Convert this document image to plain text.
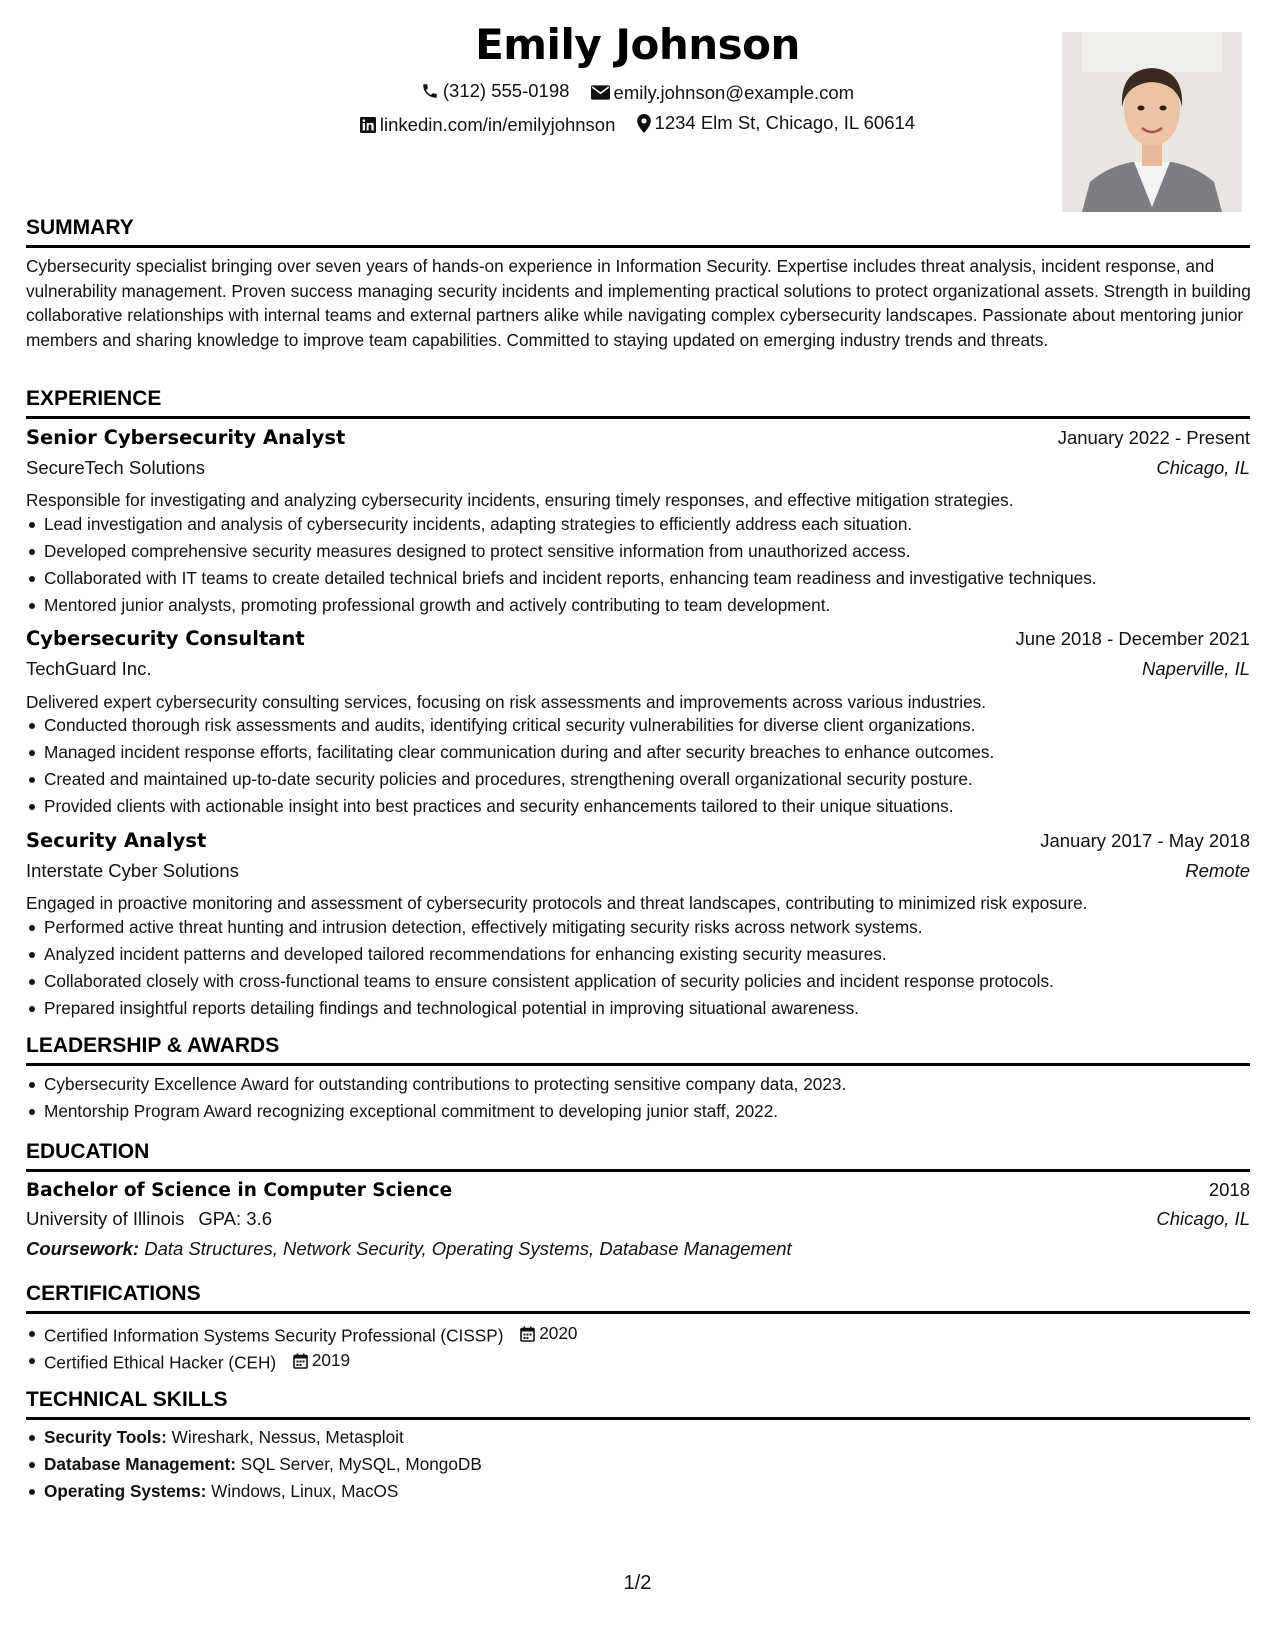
Emily Johnson
(312) 555-0198
emily.johnson@example.com
linkedin.com/in/emilyjohnson
1234 Elm St, Chicago, IL 60614
SUMMARY
Cybersecurity specialist bringing over seven years of hands-on experience in Information Security. Expertise includes threat analysis, incident response, and vulnerability management. Proven success managing security incidents and implementing practical solutions to protect organizational assets. Strength in building collaborative relationships with internal teams and external partners alike while navigating complex cybersecurity landscapes. Passionate about mentoring junior members and sharing knowledge to improve team capabilities. Committed to staying updated on emerging industry trends and threats.
EXPERIENCE
Senior Cybersecurity Analyst	January 2022 - Present
SecureTech Solutions	Chicago, IL
Responsible for investigating and analyzing cybersecurity incidents, ensuring timely responses, and effective mitigation strategies.
Lead investigation and analysis of cybersecurity incidents, adapting strategies to efficiently address each situation.
Developed comprehensive security measures designed to protect sensitive information from unauthorized access.
Collaborated with IT teams to create detailed technical briefs and incident reports, enhancing team readiness and investigative techniques.
Mentored junior analysts, promoting professional growth and actively contributing to team development.
Cybersecurity Consultant	June 2018 - December 2021
TechGuard Inc.	Naperville, IL
Delivered expert cybersecurity consulting services, focusing on risk assessments and improvements across various industries.
Conducted thorough risk assessments and audits, identifying critical security vulnerabilities for diverse client organizations.
Managed incident response efforts, facilitating clear communication during and after security breaches to enhance outcomes.
Created and maintained up-to-date security policies and procedures, strengthening overall organizational security posture.
Provided clients with actionable insight into best practices and security enhancements tailored to their unique situations.
Security Analyst	January 2017 - May 2018
Interstate Cyber Solutions	Remote
Engaged in proactive monitoring and assessment of cybersecurity protocols and threat landscapes, contributing to minimized risk exposure.
Performed active threat hunting and intrusion detection, effectively mitigating security risks across network systems.
Analyzed incident patterns and developed tailored recommendations for enhancing existing security measures.
Collaborated closely with cross-functional teams to ensure consistent application of security policies and incident response protocols.
Prepared insightful reports detailing findings and technological potential in improving situational awareness.
LEADERSHIP & AWARDS
Cybersecurity Excellence Award for outstanding contributions to protecting sensitive company data, 2023.
Mentorship Program Award recognizing exceptional commitment to developing junior staff, 2022.
EDUCATION
Bachelor of Science in Computer Science	2018
University of Illinois GPA: 3.6	Chicago, IL
Coursework: Data Structures, Network Security, Operating Systems, Database Management
CERTIFICATIONS
Certified Information Systems Security Professional (CISSP) 2020
Certified Ethical Hacker (CEH) 2019
TECHNICAL SKILLS
Security Tools: Wireshark, Nessus, Metasploit
Database Management: SQL Server, MySQL, MongoDB
Operating Systems: Windows, Linux, MacOS
1/2
